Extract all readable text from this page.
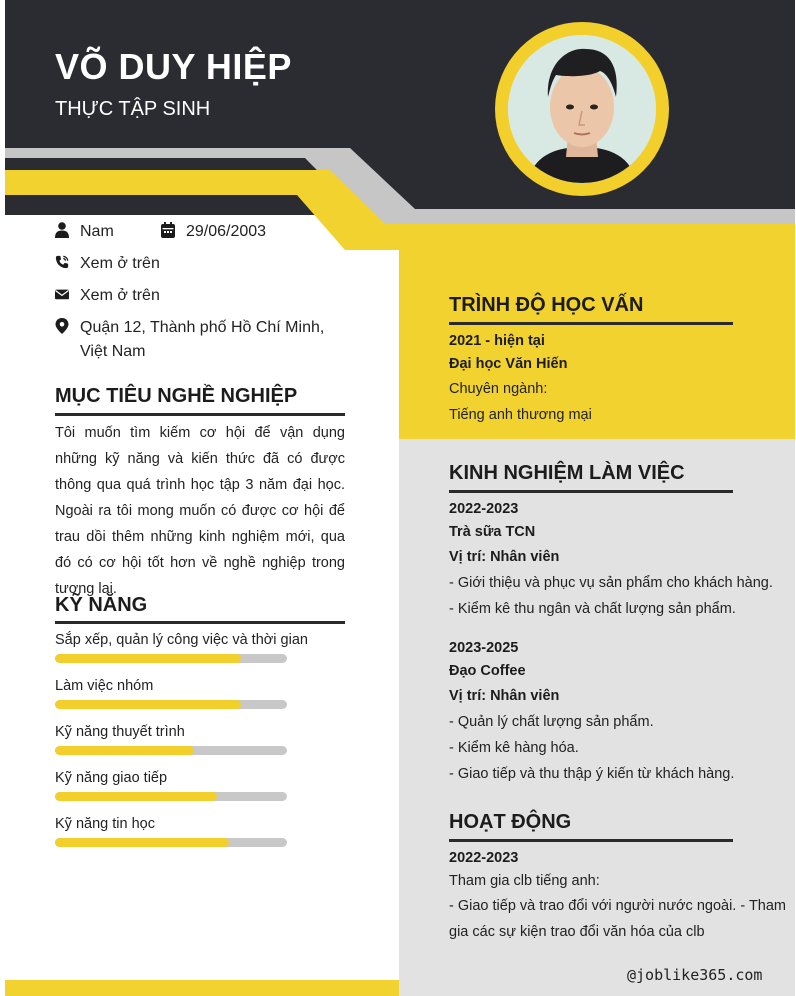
VÕ DUY HIỆP

THỰC TẬP SINH

Nam	29/06/2003
Xem ở trên
Xem ở trên
Quận 12, Thành phố Hồ Chí Minh, Việt Nam
MỤC TIÊU NGHỀ NGHIỆP

Tôi muốn tìm kiếm cơ hội để vận dụng những kỹ năng và kiến thức đã có được thông qua quá trình học tập 3 năm đại học. Ngoài ra tôi mong muốn có được cơ hội để trau dồi thêm những kinh nghiệm mới, qua đó có cơ hội tốt hơn về nghề nghiệp trong tương lai.

KỸ NĂNG
Sắp xếp, quản lý công việc và thời gian
Làm việc nhóm
Kỹ năng thuyết trình
Kỹ năng giao tiếp
Kỹ năng tin học
TRÌNH ĐỘ HỌC VẤN
2021 - hiện tại
Đại học Văn Hiến
Chuyên ngành:
Tiếng anh thương mại
KINH NGHIỆM LÀM VIỆC
2022-2023
Trà sữa TCN
Vị trí: Nhân viên
- Giới thiệu và phục vụ sản phẩm cho khách hàng.
- Kiểm kê thu ngân và chất lượng sản phẩm.
2023-2025
Đạo Coffee
Vị trí: Nhân viên
- Quản lý chất lượng sản phẩm.
- Kiểm kê hàng hóa.
- Giao tiếp và thu thập ý kiến từ khách hàng.
HOẠT ĐỘNG
2022-2023
Tham gia clb tiếng anh:
- Giao tiếp và trao đổi với người nước ngoài. - Tham
gia các sự kiện trao đổi văn hóa của clb
@joblike365.com
